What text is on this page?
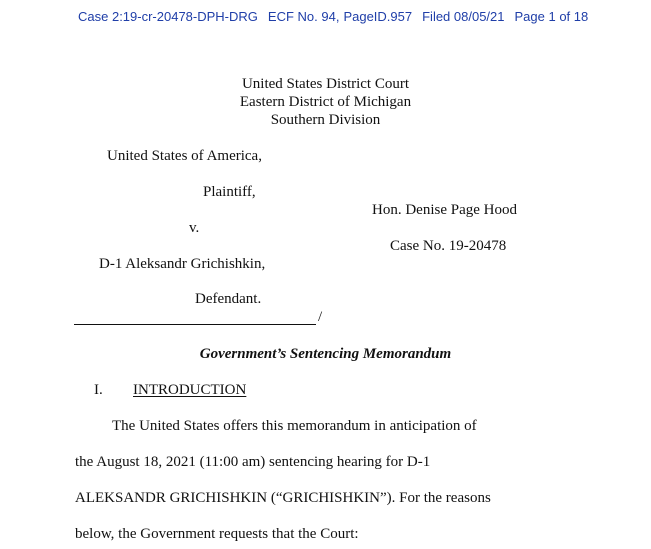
Case 2:19-cr-20478-DPH-DRG ECF No. 94, PageID.957 Filed 08/05/21 Page 1 of 18
United States District Court
Eastern District of Michigan
Southern Division
United States of America,
Plaintiff,
v.
D-1 Aleksandr Grichishkin,
Defendant.
/
Hon. Denise Page Hood
Case No. 19-20478
Government’s Sentencing Memorandum
I. INTRODUCTION
The United States offers this memorandum in anticipation of
the August 18, 2021 (11:00 am) sentencing hearing for D-1
ALEKSANDR GRICHISHKIN (“GRICHISHKIN”). For the reasons
below, the Government requests that the Court:
